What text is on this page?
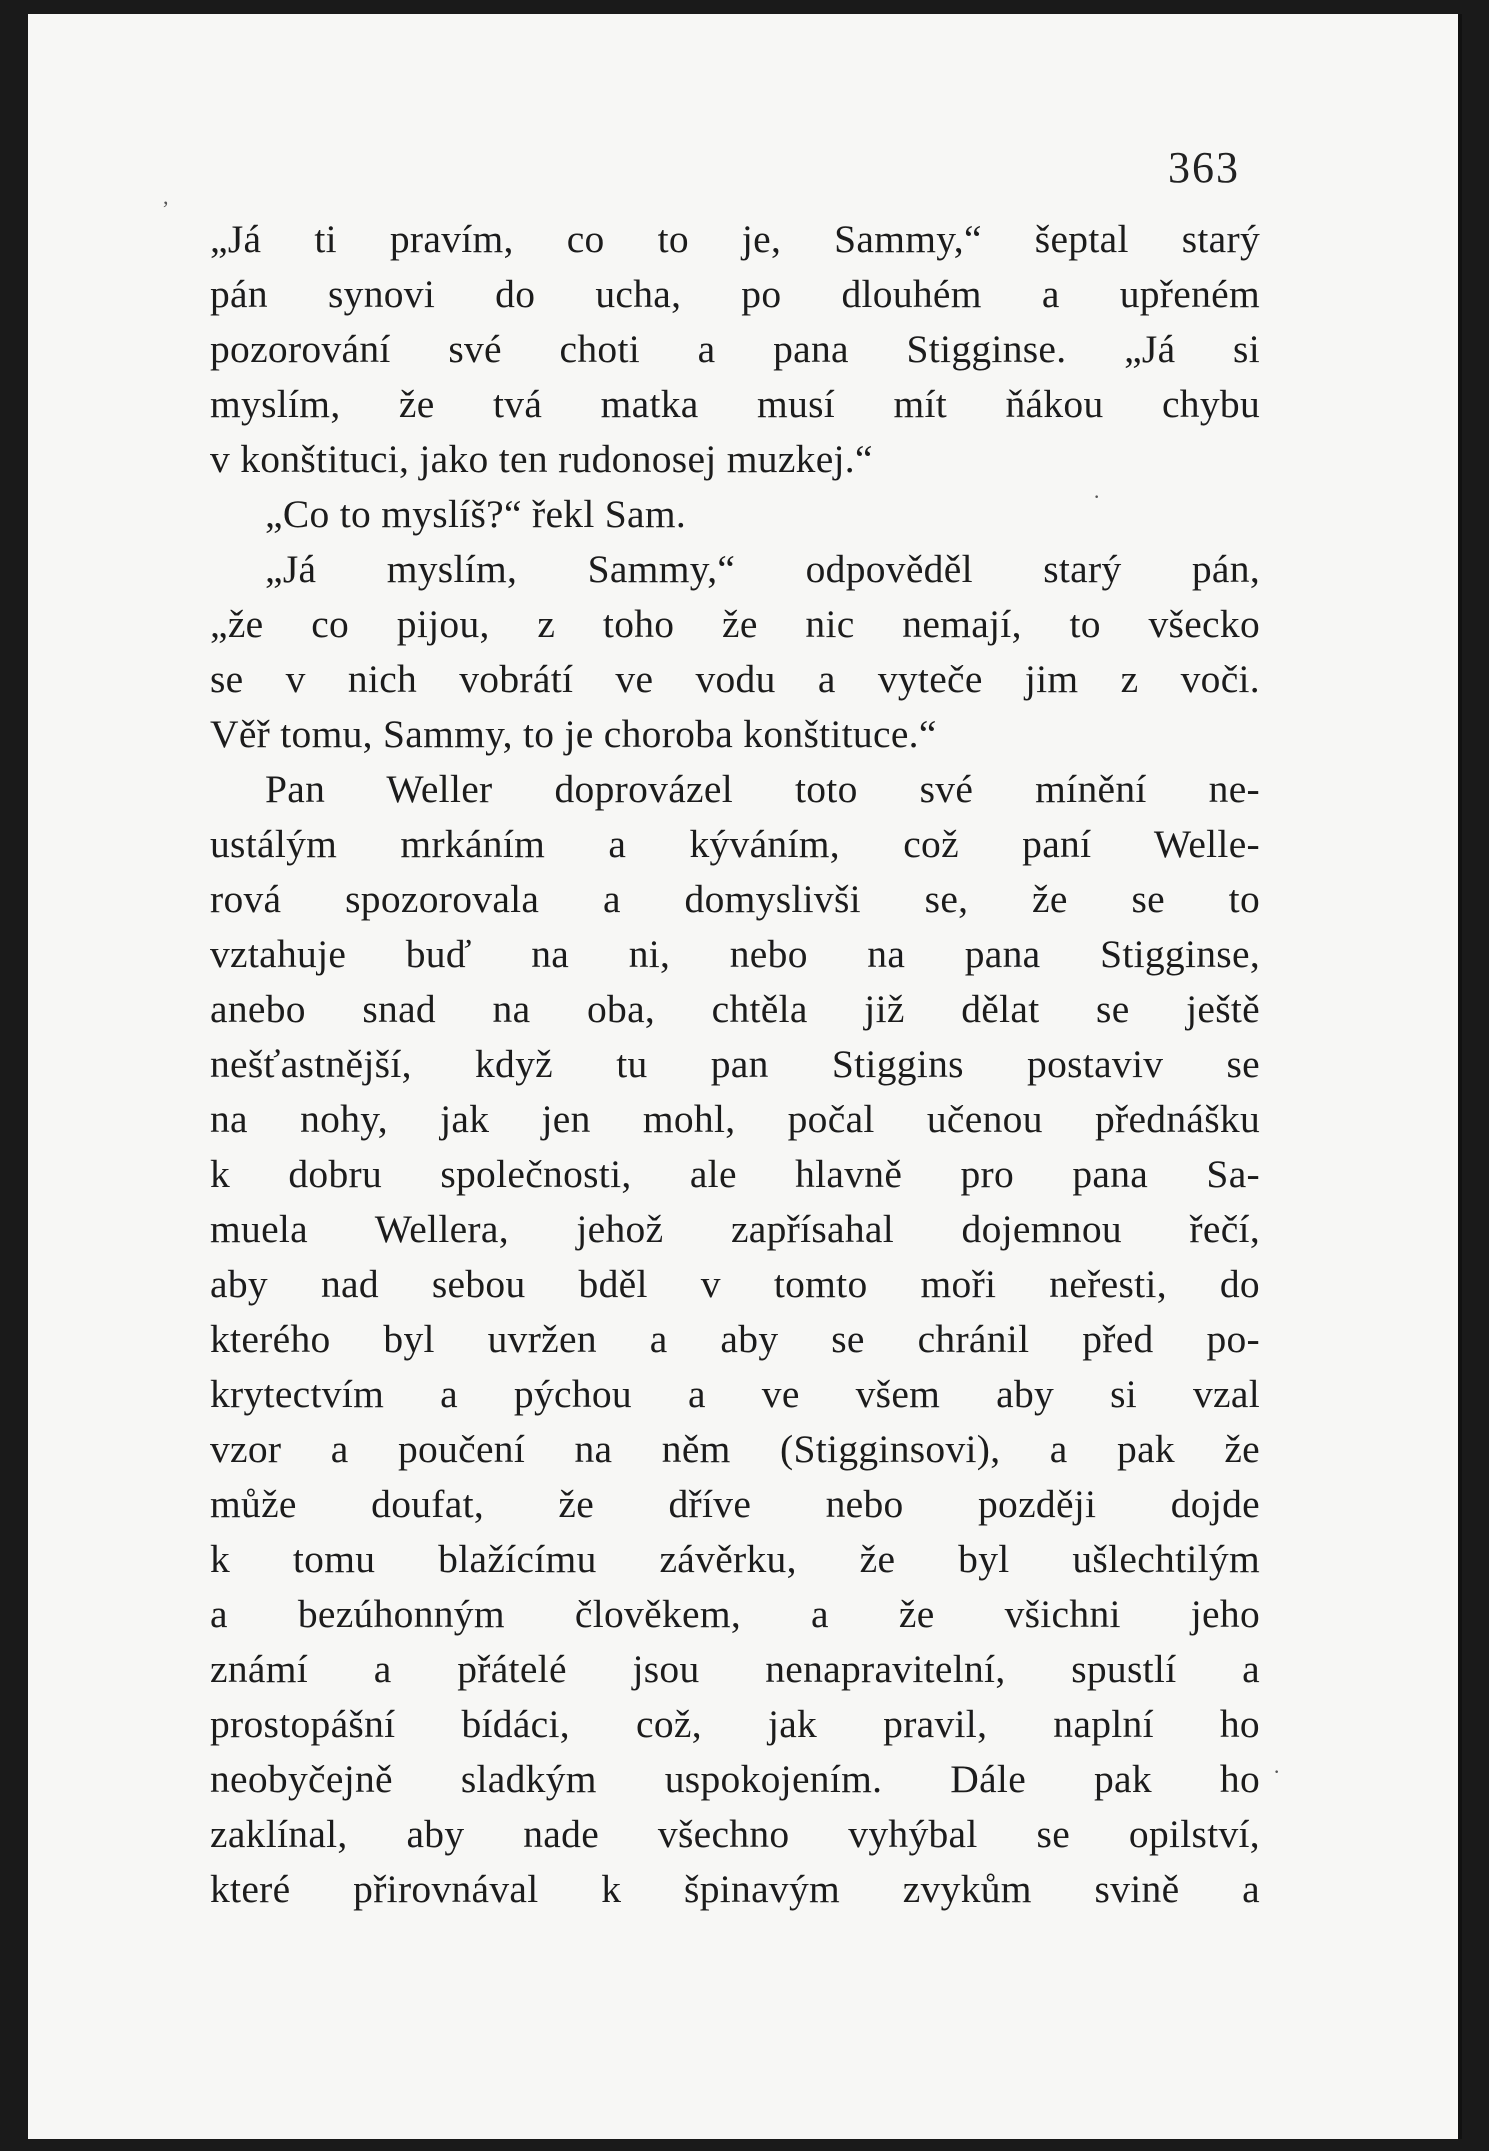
363
,
·
·
„Já ti pravím, co to je, Sammy,“ šeptal starý
pán synovi do ucha, po dlouhém a upřeném
pozorování své choti a pana Stigginse. „Já si
myslím, že tvá matka musí mít ňákou chybu
v konštituci, jako ten rudonosej muzkej.“
„Co to myslíš?“ řekl Sam.
„Já myslím, Sammy,“ odpověděl starý pán,
„že co pijou, z toho že nic nemají, to všecko
se v nich vobrátí ve vodu a vyteče jim z voči.
Věř tomu, Sammy, to je choroba konštituce.“
Pan Weller doprovázel toto své mínění ne-
ustálým mrkáním a kýváním, což paní Welle-
rová spozorovala a domyslivši se, že se to
vztahuje buď na ni, nebo na pana Stigginse,
anebo snad na oba, chtěla již dělat se ještě
nešťastnější, když tu pan Stiggins postaviv se
na nohy, jak jen mohl, počal učenou přednášku
k dobru společnosti, ale hlavně pro pana Sa-
muela Wellera, jehož zapřísahal dojemnou řečí,
aby nad sebou bděl v tomto moři neřesti, do
kterého byl uvržen a aby se chránil před po-
krytectvím a pýchou a ve všem aby si vzal
vzor a poučení na něm (Stigginsovi), a pak že
může doufat, že dříve nebo později dojde
k tomu blažícímu závěrku, že byl ušlechtilým
a bezúhonným člověkem, a že všichni jeho
známí a přátelé jsou nenapravitelní, spustlí a
prostopášní bídáci, což, jak pravil, naplní ho
neobyčejně sladkým uspokojením. Dále pak ho
zaklínal, aby nade všechno vyhýbal se opilství,
které přirovnával k špinavým zvykům svině a
